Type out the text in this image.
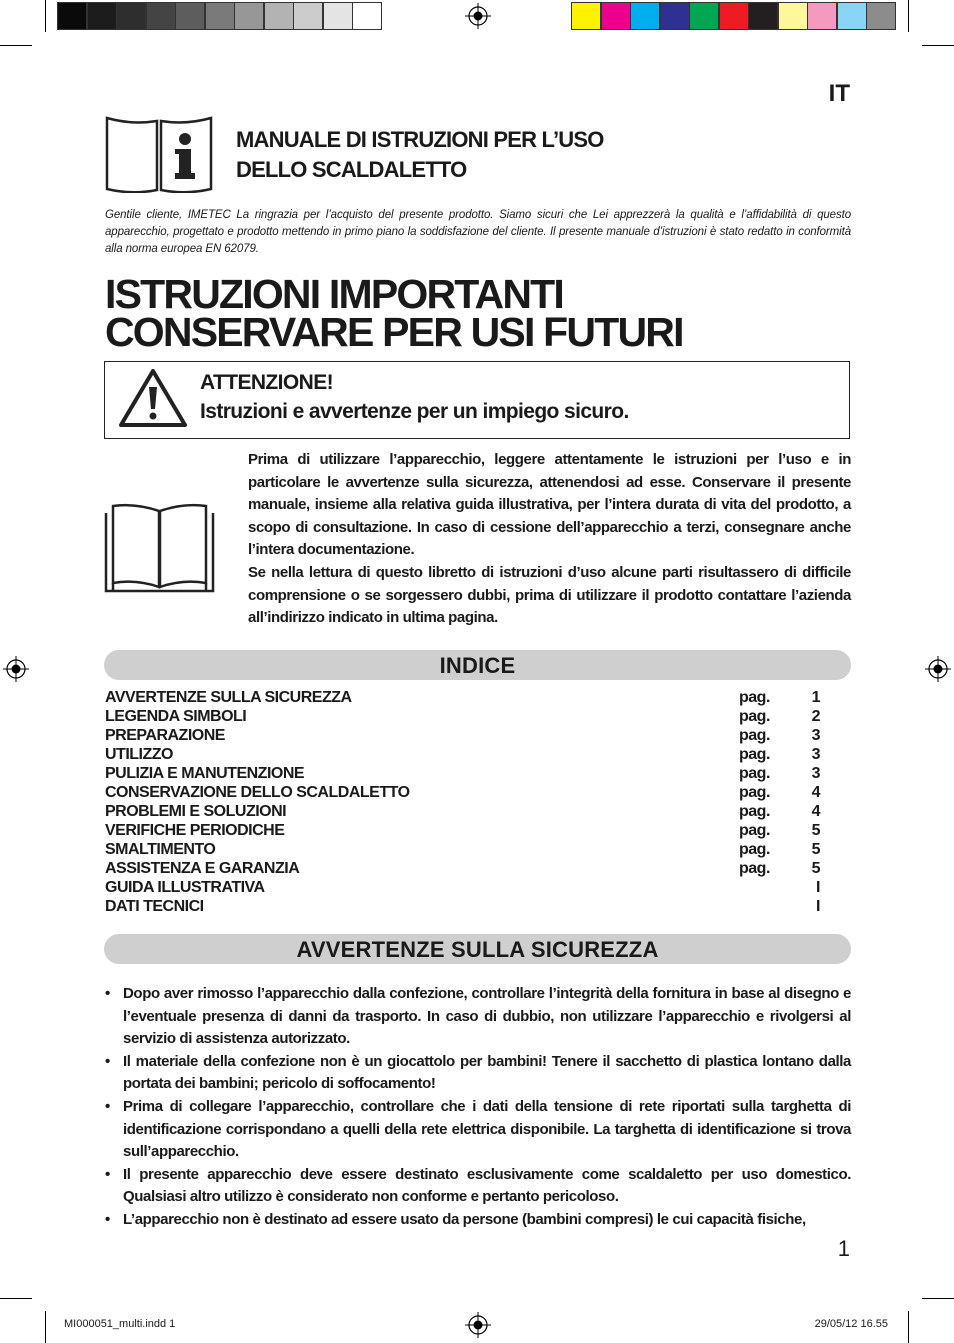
IT
MANUALE DI ISTRUZIONI PER L’USO
DELLO SCALDALETTO
Gentile cliente, IMETEC La ringrazia per l’acquisto del presente prodotto. Siamo sicuri che Lei apprezzerà la qualità e l’affidabilità di questo apparecchio, progettato e prodotto mettendo in primo piano la soddisfazione del cliente. Il presente manuale d’istruzioni è stato redatto in conformità alla norma europea EN 62079.
ISTRUZIONI IMPORTANTI
CONSERVARE PER USI FUTURI
ATTENZIONE!
Istruzioni e avvertenze per un impiego sicuro.
Prima di utilizzare l’apparecchio, leggere attentamente le istruzioni per l’uso e in particolare le avvertenze sulla sicurezza, attenendosi ad esse. Conservare il presente manuale, insieme alla relativa guida illustrativa, per l’intera durata di vita del prodotto, a scopo di consultazione. In caso di cessione dell’apparecchio a terzi, consegnare anche l’intera documentazione.
Se nella lettura di questo libretto di istruzioni d’uso alcune parti risultassero di difficile comprensione o se sorgessero dubbi, prima di utilizzare il prodotto contattare l’azienda all’indirizzo indicato in ultima pagina.
INDICE
AVVERTENZE SULLA SICUREZZA	pag.	1
LEGENDA SIMBOLI	pag.	2
PREPARAZIONE	pag.	3
UTILIZZO	pag.	3
PULIZIA E MANUTENZIONE	pag.	3
CONSERVAZIONE DELLO SCALDALETTO	pag.	4
PROBLEMI E SOLUZIONI	pag.	4
VERIFICHE PERIODICHE	pag.	5
SMALTIMENTO	pag.	5
ASSISTENZA E GARANZIA	pag.	5
GUIDA ILLUSTRATIVA	I
DATI TECNICI	I
AVVERTENZE SULLA SICUREZZA
• Dopo aver rimosso l’apparecchio dalla confezione, controllare l’integrità della fornitura in base al disegno e l’eventuale presenza di danni da trasporto. In caso di dubbio, non utilizzare l’apparecchio e rivolgersi al servizio di assistenza autorizzato.
• Il materiale della confezione non è un giocattolo per bambini! Tenere il sacchetto di plastica lontano dalla portata dei bambini; pericolo di soffocamento!
• Prima di collegare l’apparecchio, controllare che i dati della tensione di rete riportati sulla targhetta di identificazione corrispondano a quelli della rete elettrica disponibile. La targhetta di identificazione si trova sull’apparecchio.
• Il presente apparecchio deve essere destinato esclusivamente come scaldaletto per uso domestico. Qualsiasi altro utilizzo è considerato non conforme e pertanto pericoloso.
• L’apparecchio non è destinato ad essere usato da persone (bambini compresi) le cui capacità fisiche,
1
MI000051_multi.indd 1	29/05/12 16.55
